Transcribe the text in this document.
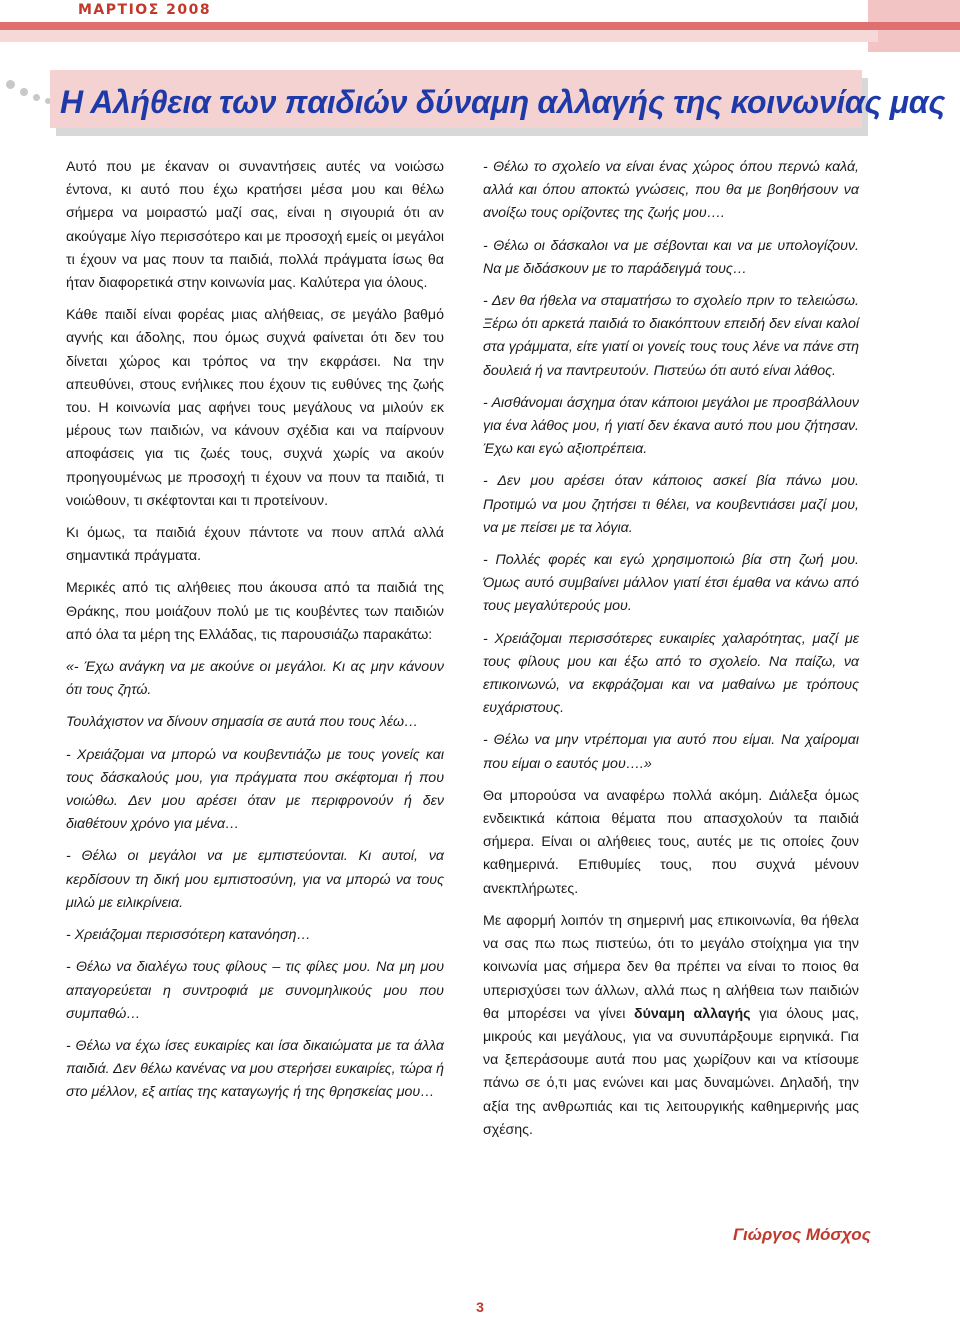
ΜΑΡΤΙΟΣ 2008
Η Αλήθεια των παιδιών δύναμη αλλαγής της κοινωνίας μας

Αυτό που με έκαναν οι συναντήσεις αυτές να νοιώσω έντονα, κι αυτό που έχω κρατήσει μέσα μου και θέλω σήμερα να μοιραστώ μαζί σας, είναι η σιγουριά ότι αν ακούγαμε λίγο περισσότερο και με προσοχή εμείς οι μεγάλοι τι έχουν να μας πουν τα παιδιά, πολλά πράγματα ίσως θα ήταν διαφορετικά στην κοινωνία μας. Καλύτερα για όλους.

Κάθε παιδί είναι φορέας μιας αλήθειας, σε μεγάλο βαθμό αγνής και άδολης, που όμως συχνά φαίνεται ότι δεν του δίνεται χώρος και τρόπος να την εκφράσει. Να την απευθύνει, στους ενήλικες που έχουν τις ευθύνες της ζωής του. Η κοινωνία μας αφήνει τους μεγάλους να μιλούν εκ μέρους των παιδιών, να κάνουν σχέδια και να παίρνουν αποφάσεις για τις ζωές τους, συχνά χωρίς να ακούν προηγουμένως με προσοχή τι έχουν να πουν τα παιδιά, τι νοιώθουν, τι σκέφτονται και τι προτείνουν.

Κι όμως, τα παιδιά έχουν πάντοτε να πουν απλά αλλά σημαντικά πράγματα.

Μερικές από τις αλήθειες που άκουσα από τα παιδιά της Θράκης, που μοιάζουν πολύ με τις κουβέντες των παιδιών από όλα τα μέρη της Ελλάδας, τις παρουσιάζω παρακάτω:

«- Έχω ανάγκη να με ακούνε οι μεγάλοι. Κι ας μην κάνουν ότι τους ζητώ.

Τουλάχιστον να δίνουν σημασία σε αυτά που τους λέω…

- Χρειάζομαι να μπορώ να κουβεντιάζω με τους γονείς και τους δάσκαλούς μου, για πράγματα που σκέφτομαι ή που νοιώθω. Δεν μου αρέσει όταν με περιφρονούν ή δεν διαθέτουν χρόνο για μένα…

- Θέλω οι μεγάλοι να με εμπιστεύονται. Κι αυτοί, να κερδίσουν τη δική μου εμπιστοσύνη, για να μπορώ να τους μιλώ με ειλικρίνεια.

- Χρειάζομαι περισσότερη κατανόηση…

- Θέλω να διαλέγω τους φίλους – τις φίλες μου. Να μη μου απαγορεύεται η συντροφιά με συνομηλικούς μου που συμπαθώ…

- Θέλω να έχω ίσες ευκαιρίες και ίσα δικαιώματα με τα άλλα παιδιά. Δεν θέλω κανένας να μου στερήσει ευκαιρίες, τώρα ή στο μέλλον, εξ αιτίας της καταγωγής ή της θρησκείας μου…

- Θέλω το σχολείο να είναι ένας χώρος όπου περνώ καλά, αλλά και όπου αποκτώ γνώσεις, που θα με βοηθήσουν να ανοίξω τους ορίζοντες της ζωής μου….

- Θέλω οι δάσκαλοι να με σέβονται και να με υπολογίζουν. Να με διδάσκουν με το παράδειγμά τους…

- Δεν θα ήθελα να σταματήσω το σχολείο πριν το τελειώσω. Ξέρω ότι αρκετά παιδιά το διακόπτουν επειδή δεν είναι καλοί στα γράμματα, είτε γιατί οι γονείς τους τους λένε να πάνε στη δουλειά ή να παντρευτούν. Πιστεύω ότι αυτό είναι λάθος.

- Αισθάνομαι άσχημα όταν κάποιοι μεγάλοι με προσβάλλουν για ένα λάθος μου, ή γιατί δεν έκανα αυτό που μου ζήτησαν. Έχω και εγώ αξιοπρέπεια.

- Δεν μου αρέσει όταν κάποιος ασκεί βία πάνω μου. Προτιμώ να μου ζητήσει τι θέλει, να κουβεντιάσει μαζί μου, να με πείσει με τα λόγια.

- Πολλές φορές και εγώ χρησιμοποιώ βία στη ζωή μου. Όμως αυτό συμβαίνει μάλλον γιατί έτσι έμαθα να κάνω από τους μεγαλύτερούς μου.

- Χρειάζομαι περισσότερες ευκαιρίες χαλαρότητας, μαζί με τους φίλους μου και έξω από το σχολείο. Να παίζω, να επικοινωνώ, να εκφράζομαι και να μαθαίνω με τρόπους ευχάριστους.

- Θέλω να μην ντρέπομαι για αυτό που είμαι. Να χαίρομαι που είμαι ο εαυτός μου….»

Θα μπορούσα να αναφέρω πολλά ακόμη. Διάλεξα όμως ενδεικτικά κάποια θέματα που απασχολούν τα παιδιά σήμερα. Είναι οι αλήθειες τους, αυτές με τις οποίες ζουν καθημερινά. Επιθυμίες τους, που συχνά μένουν ανεκπλήρωτες.

Με αφορμή λοιπόν τη σημερινή μας επικοινωνία, θα ήθελα να σας πω πως πιστεύω, ότι το μεγάλο στοίχημα για την κοινωνία μας σήμερα δεν θα πρέπει να είναι το ποιος θα υπερισχύσει των άλλων, αλλά πως η αλήθεια των παιδιών θα μπορέσει να γίνει δύναμη αλλαγής για όλους μας, μικρούς και μεγάλους, για να συνυπάρξουμε ειρηνικά. Για να ξεπεράσουμε αυτά που μας χωρίζουν και να κτίσουμε πάνω σε ό,τι μας ενώνει και μας δυναμώνει. Δηλαδή, την αξία της ανθρωπιάς και τις λειτουργικής καθημερινής μας σχέσης.

Γιώργος Μόσχος
3
